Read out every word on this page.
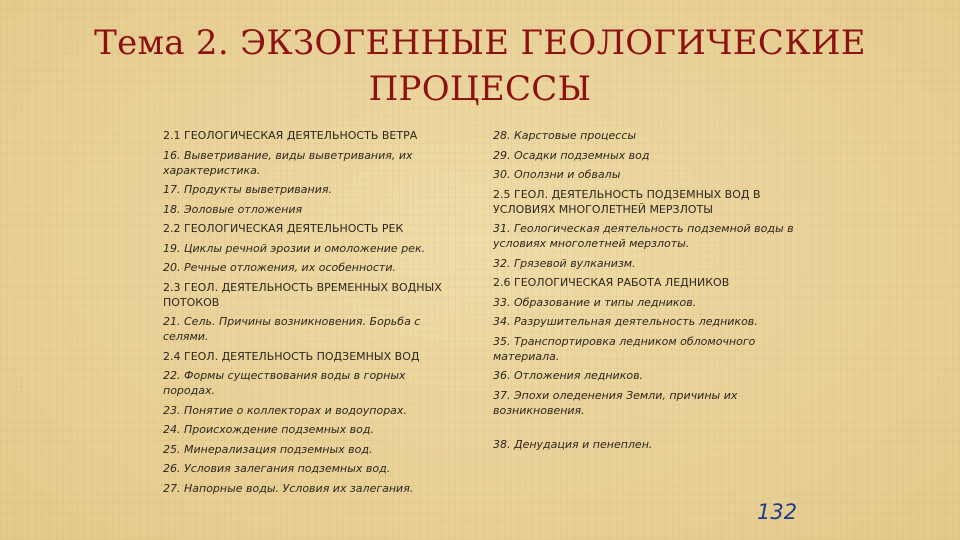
Тема 2. ЭКЗОГЕННЫЕ ГЕОЛОГИЧЕСКИЕ ПРОЦЕССЫ
2.1 ГЕОЛОГИЧЕСКАЯ ДЕЯТЕЛЬНОСТЬ ВЕТРА
16. Выветривание, виды выветривания, их характеристика.
17. Продукты выветривания.
18. Эоловые отложения
2.2 ГЕОЛОГИЧЕСКАЯ ДЕЯТЕЛЬНОСТЬ РЕК
19. Циклы речной эрозии и омоложение рек.
20. Речные отложения, их особенности.
2.3 ГЕОЛ. ДЕЯТЕЛЬНОСТЬ ВРЕМЕННЫХ ВОДНЫХ ПОТОКОВ
21. Сель. Причины возникновения. Борьба с селями.
2.4 ГЕОЛ. ДЕЯТЕЛЬНОСТЬ ПОДЗЕМНЫХ ВОД
22. Формы существования воды в горных породах.
23. Понятие о коллекторах и водоупорах.
24. Происхождение подземных вод.
25. Минерализация подземных вод.
26. Условия залегания подземных вод.
27. Напорные воды. Условия их залегания.
28. Карстовые процессы
29. Осадки подземных вод
30. Оползни и обвалы
2.5 ГЕОЛ. ДЕЯТЕЛЬНОСТЬ ПОДЗЕМНЫХ ВОД В УСЛОВИЯХ МНОГОЛЕТНЕЙ МЕРЗЛОТЫ
31. Геологическая деятельность подземной воды в условиях многолетней мерзлоты.
32. Грязевой вулканизм.
2.6 ГЕОЛОГИЧЕСКАЯ РАБОТА ЛЕДНИКОВ
33. Образование и типы ледников.
34. Разрушительная деятельность ледников.
35. Транспортировка ледником обломочного материала.
36. Отложения ледников.
37. Эпохи оледенения Земли, причины их возникновения.
38. Денудация и пенеплен.
132
